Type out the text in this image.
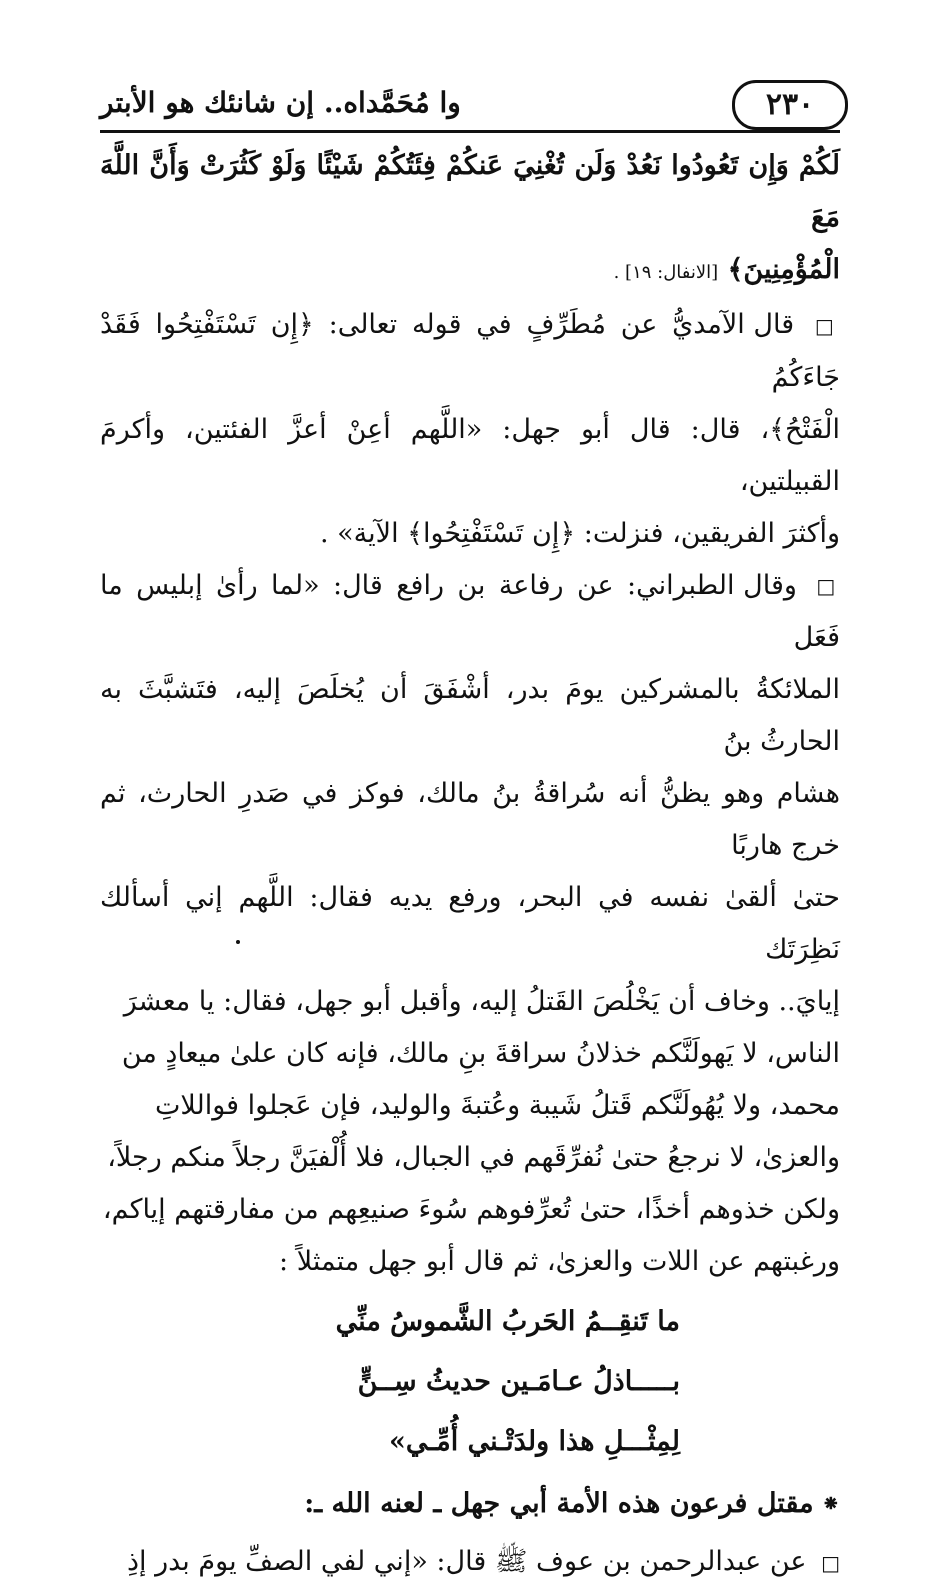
٢٣٠
وا مُحَمَّداه.. إن شانئك هو الأبتر

لَكُمْ وَإِن تَعُودُوا نَعُدْ وَلَن تُغْنِيَ عَنكُمْ فِئَتُكُمْ شَيْئًا وَلَوْ كَثُرَتْ وَأَنَّ اللَّهَ مَعَ
الْمُؤْمِنِينَ﴾ [الانفال: ١٩] .

□ قال الآمديُّ عن مُطَرِّفٍ في قوله تعالى: ﴿إِن تَسْتَفْتِحُوا فَقَدْ جَاءَكُمُ
الْفَتْحُ﴾، قال: قال أبو جهل: «اللَّهم أعِنْ أعزَّ الفئتين، وأكرمَ القبيلتين،
وأكثرَ الفريقين، فنزلت: ﴿إِن تَسْتَفْتِحُوا﴾ الآية» .

□ وقال الطبراني: عن رفاعة بن رافع قال: «لما رأىٰ إبليس ما فَعَل
الملائكةُ بالمشركين يومَ بدر، أشْفَقَ أن يُخلَصَ إليه، فتَشبَّثَ به الحارثُ بنُ
هشام وهو يظنُّ أنه سُراقةُ بنُ مالك، فوكز في صَدرِ الحارث، ثم خرج هاربًا
حتىٰ ألقىٰ نفسه في البحر، ورفع يديه فقال: اللَّهم إني أسألك نَظِرَتَك
إيايَ.. وخاف أن يَخْلُصَ القَتلُ إليه، وأقبل أبو جهل، فقال: يا معشرَ
الناس، لا يَهولَنَّكم خذلانُ سراقةَ بنِ مالك، فإنه كان علىٰ ميعادٍ من
محمد، ولا يُهُولَنَّكم قَتلُ شَيبة وعُتبةَ والوليد، فإن عَجلوا فواللاتِ
والعزىٰ، لا نرجعُ حتىٰ نُفرِّقَهم في الجبال، فلا أُلْفيَنَّ رجلاً منكم رجلاً،
ولكن خذوهم أخذًا، حتىٰ تُعرِّفوهم سُوءَ صنيعِهم من مفارقتهم إياكم،
ورغبتهم عن اللات والعزىٰ، ثم قال أبو جهل متمثلاً :

ما تَنقِــمُ الحَربُ الشَّموسُ منِّي
بـــــاذلُ عـامَـين حديثُ سِــنٍّ
لِمِثْـــلِ هذا ولدَتْـني أُمِّـي»
⁕
مقتل فرعون هذه الأمة أبي جهل ـ لعنه الله ـ:

□ عن عبدالرحمن بن عوف ﷺ قال: «إني لفي الصفِّ يومَ بدر إذِ
